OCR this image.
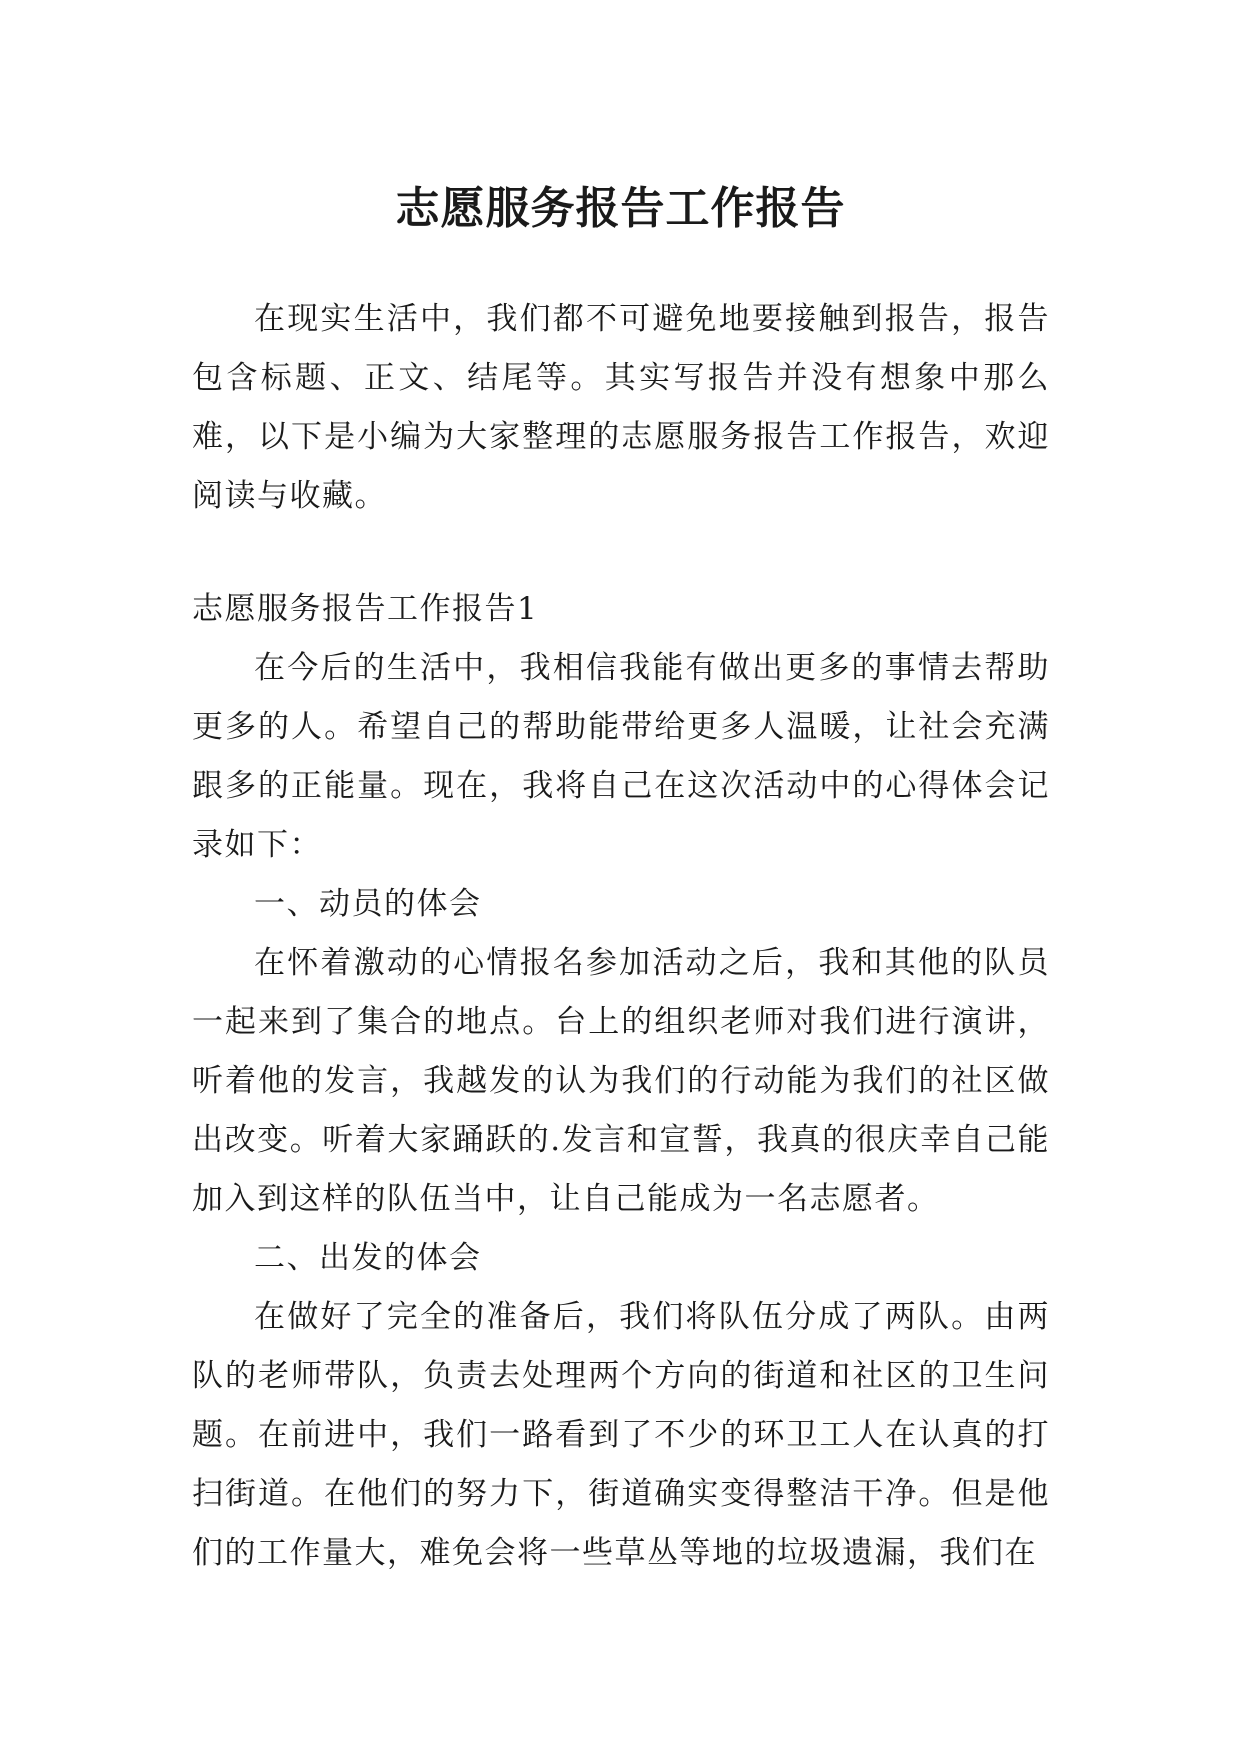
志愿服务报告工作报告

在现实生活中，我们都不可避免地要接触到报告，报告包含标题、正文、结尾等。其实写报告并没有想象中那么难，以下是小编为大家整理的志愿服务报告工作报告，欢迎阅读与收藏。

志愿服务报告工作报告1

在今后的生活中，我相信我能有做出更多的事情去帮助更多的人。希望自己的帮助能带给更多人温暖，让社会充满跟多的正能量。现在，我将自己在这次活动中的心得体会记录如下：

一、动员的体会

在怀着激动的心情报名参加活动之后，我和其他的队员一起来到了集合的地点。台上的组织老师对我们进行演讲，听着他的发言，我越发的认为我们的行动能为我们的社区做出改变。听着大家踊跃的.发言和宣誓，我真的很庆幸自己能加入到这样的队伍当中，让自己能成为一名志愿者。

二、出发的体会

在做好了完全的准备后，我们将队伍分成了两队。由两队的老师带队，负责去处理两个方向的街道和社区的卫生问题。在前进中，我们一路看到了不少的环卫工人在认真的打扫街道。在他们的努力下，街道确实变得整洁干净。但是他们的工作量大，难免会将一些草丛等地的垃圾遗漏，我们在
